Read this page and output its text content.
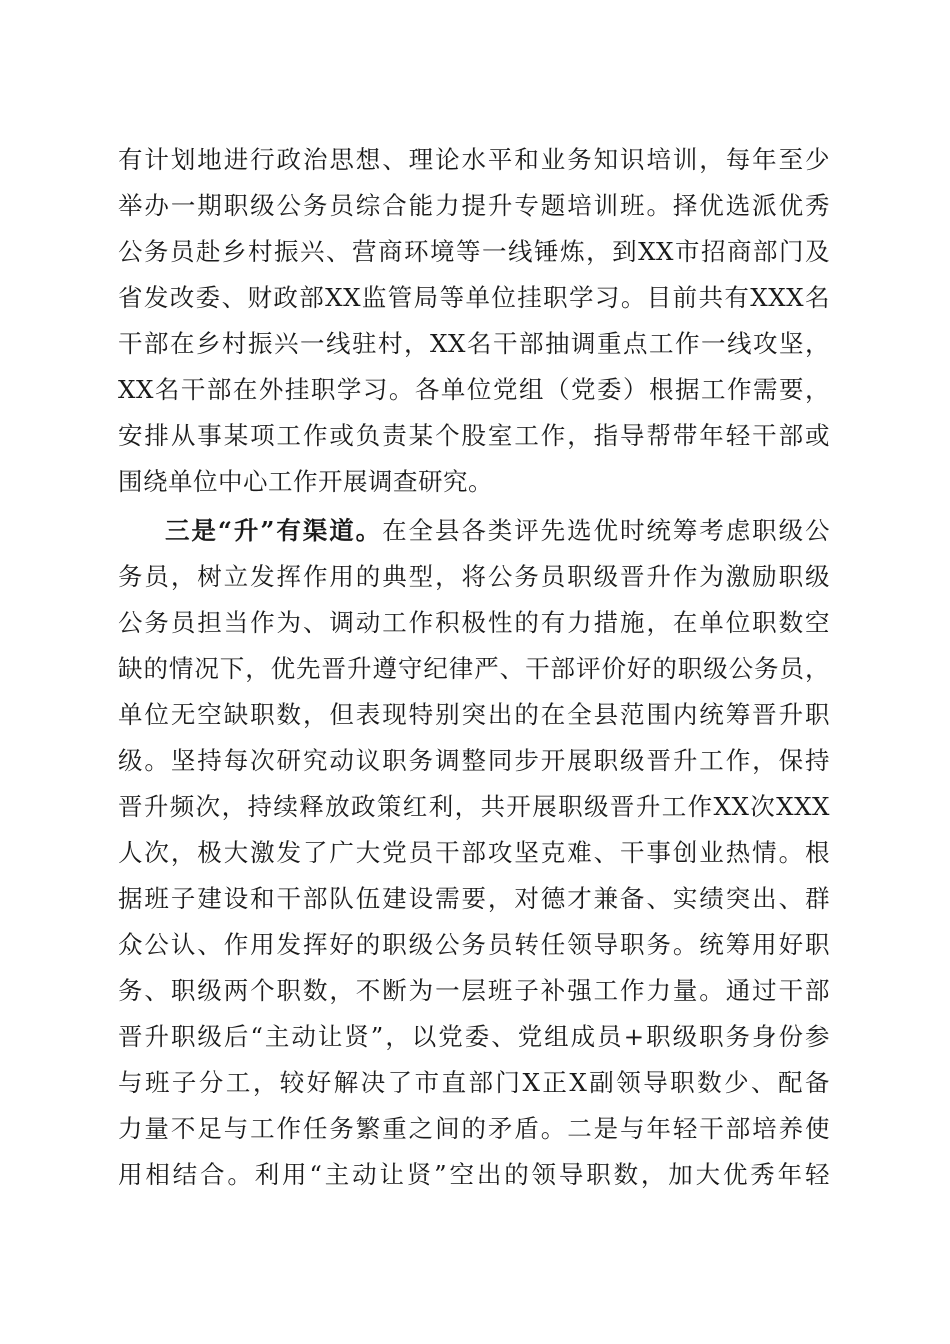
有计划地进行政治思想、理论水平和业务知识培训，每年至少
举办一期职级公务员综合能力提升专题培训班。择优选派优秀
公务员赴乡村振兴、营商环境等一线锤炼，到XX市招商部门及
省发改委、财政部XX监管局等单位挂职学习。目前共有XXX名
干部在乡村振兴一线驻村，XX名干部抽调重点工作一线攻坚，
XX名干部在外挂职学习。各单位党组（党委）根据工作需要，
安排从事某项工作或负责某个股室工作，指导帮带年轻干部或
围绕单位中心工作开展调查研究。
三是“升”有渠道。在全县各类评先选优时统筹考虑职级公
务员，树立发挥作用的典型，将公务员职级晋升作为激励职级
公务员担当作为、调动工作积极性的有力措施，在单位职数空
缺的情况下，优先晋升遵守纪律严、干部评价好的职级公务员，
单位无空缺职数，但表现特别突出的在全县范围内统筹晋升职
级。坚持每次研究动议职务调整同步开展职级晋升工作，保持
晋升频次，持续释放政策红利，共开展职级晋升工作XX次XXX
人次，极大激发了广大党员干部攻坚克难、干事创业热情。根
据班子建设和干部队伍建设需要，对德才兼备、实绩突出、群
众公认、作用发挥好的职级公务员转任领导职务。统筹用好职
务、职级两个职数，不断为一层班子补强工作力量。通过干部
晋升职级后“主动让贤”，以党委、党组成员+职级职务身份参
与班子分工，较好解决了市直部门X正X副领导职数少、配备
力量不足与工作任务繁重之间的矛盾。二是与年轻干部培养使
用相结合。利用“主动让贤”空出的领导职数，加大优秀年轻
